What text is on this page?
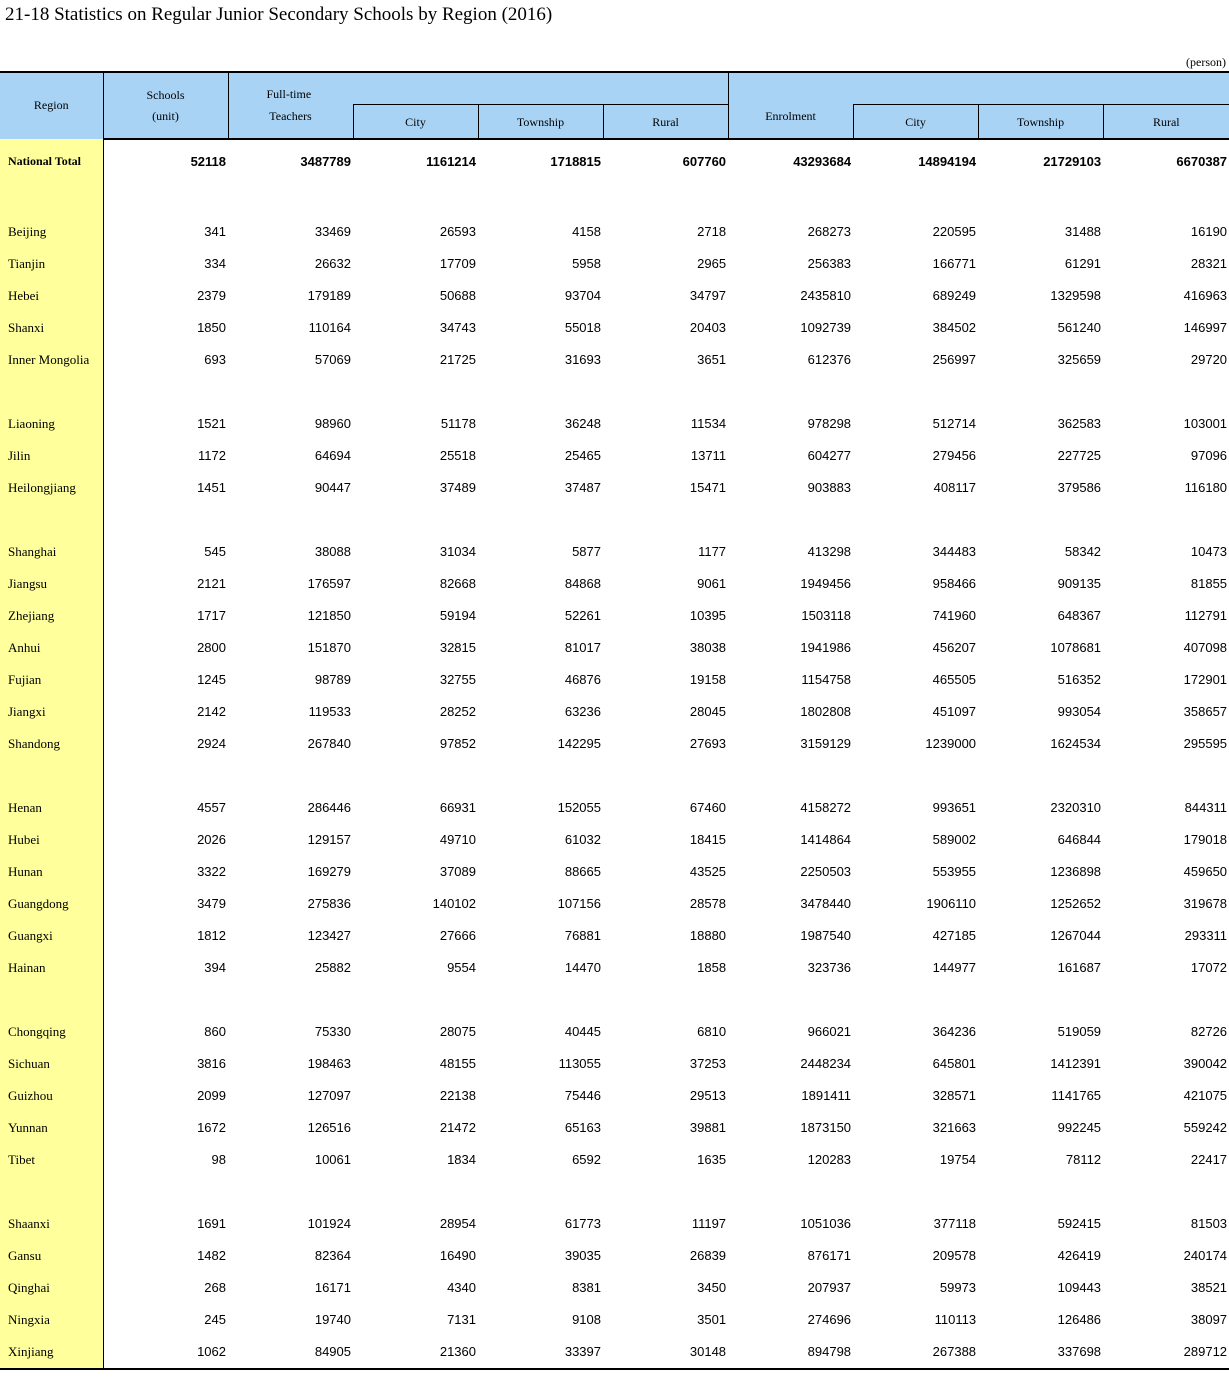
21-18 Statistics on Regular Junior Secondary Schools by Region (2016)
(person)
Region	Schools	Full-time							
	(unit)	Teachers	City	Township	Rural	Enrolment	City	Township	Rural
National Total	52118	3487789	1161214	1718815	607760	43293684	14894194	21729103	6670387

Beijing	341	33469	26593	4158	2718	268273	220595	31488	16190
Tianjin	334	26632	17709	5958	2965	256383	166771	61291	28321
Hebei	2379	179189	50688	93704	34797	2435810	689249	1329598	416963
Shanxi	1850	110164	34743	55018	20403	1092739	384502	561240	146997
Inner Mongolia	693	57069	21725	31693	3651	612376	256997	325659	29720

Liaoning	1521	98960	51178	36248	11534	978298	512714	362583	103001
Jilin	1172	64694	25518	25465	13711	604277	279456	227725	97096
Heilongjiang	1451	90447	37489	37487	15471	903883	408117	379586	116180

Shanghai	545	38088	31034	5877	1177	413298	344483	58342	10473
Jiangsu	2121	176597	82668	84868	9061	1949456	958466	909135	81855
Zhejiang	1717	121850	59194	52261	10395	1503118	741960	648367	112791
Anhui	2800	151870	32815	81017	38038	1941986	456207	1078681	407098
Fujian	1245	98789	32755	46876	19158	1154758	465505	516352	172901
Jiangxi	2142	119533	28252	63236	28045	1802808	451097	993054	358657
Shandong	2924	267840	97852	142295	27693	3159129	1239000	1624534	295595

Henan	4557	286446	66931	152055	67460	4158272	993651	2320310	844311
Hubei	2026	129157	49710	61032	18415	1414864	589002	646844	179018
Hunan	3322	169279	37089	88665	43525	2250503	553955	1236898	459650
Guangdong	3479	275836	140102	107156	28578	3478440	1906110	1252652	319678
Guangxi	1812	123427	27666	76881	18880	1987540	427185	1267044	293311
Hainan	394	25882	9554	14470	1858	323736	144977	161687	17072

Chongqing	860	75330	28075	40445	6810	966021	364236	519059	82726
Sichuan	3816	198463	48155	113055	37253	2448234	645801	1412391	390042
Guizhou	2099	127097	22138	75446	29513	1891411	328571	1141765	421075
Yunnan	1672	126516	21472	65163	39881	1873150	321663	992245	559242
Tibet	98	10061	1834	6592	1635	120283	19754	78112	22417

Shaanxi	1691	101924	28954	61773	11197	1051036	377118	592415	81503
Gansu	1482	82364	16490	39035	26839	876171	209578	426419	240174
Qinghai	268	16171	4340	8381	3450	207937	59973	109443	38521
Ningxia	245	19740	7131	9108	3501	274696	110113	126486	38097
Xinjiang	1062	84905	21360	33397	30148	894798	267388	337698	289712
